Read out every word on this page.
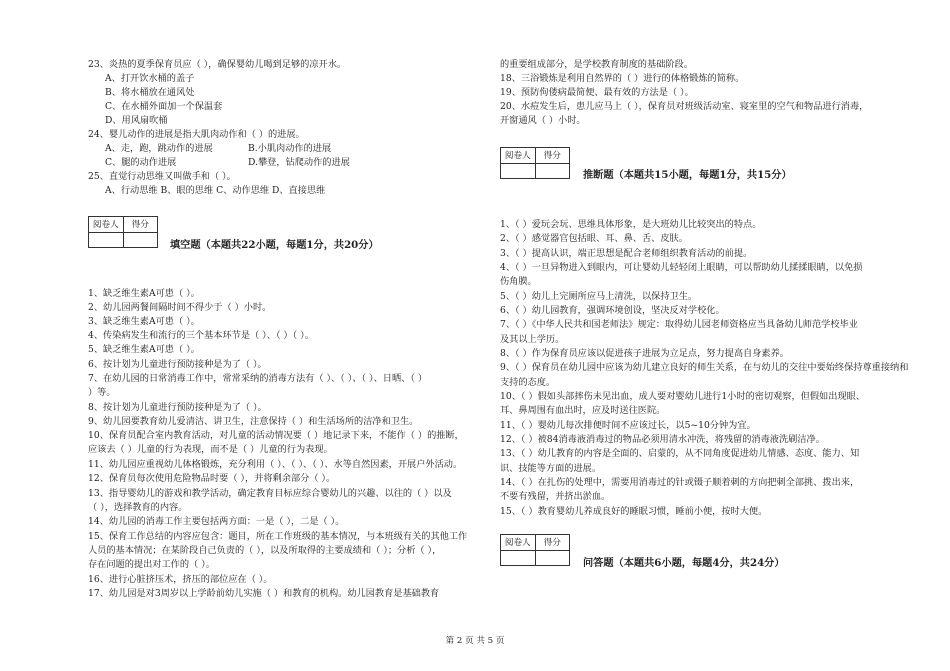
23、炎热的夏季保育员应（ ），确保婴幼儿喝到足够的凉开水。
A、打开饮水桶的盖子
B、将水桶放在通风处
C、在水桶外面加一个保温套
D、用风扇吹桶
24、婴儿动作的进展是指大肌肉动作和（ ）的进展。
A、走，跑，跳动作的进展	B.小肌肉动作的进展
C、腿的动作进展	D.攀登，钻爬动作的进展
25、直觉行动思维又叫做手和（ ）。
A、行动思维 B、眼的思维 C、动作思维 D、直接思维
阅卷人	得分

填空题（本题共22小题，每题1分，共20分）
1、缺乏维生素A可患（ ）。
2、幼儿园两餐间隔时间不得少于（ ）小时。
3、缺乏维生素A可患（ ）。
4、传染病发生和流行的三个基本环节是（ ）、（ ）（ ）。
5、缺乏维生素A可患（ ）。
6、按计划为儿童进行预防接种是为了（ ）。
7、在幼儿园的日常消毒工作中，常常采纳的消毒方法有（ ）、（ ）、（ ）、日晒、（ ）
）等。
8、按计划为儿童进行预防接种是为了（ ）。
9、幼儿园要教育幼儿爱清洁、讲卫生，注意保持（ ）和生活场所的洁净和卫生。
10、保育员配合室内教育活动，对儿童的活动情况要（ ）地记录下来，不能作（ ）的推断，
应该去（ ）儿童的行为表现，而不是（ ）儿童的行为表现。
11、幼儿园应重视幼儿体格锻炼，充分利用（ ）、（ ）、（ ）、水等自然因素，开展户外活动。
12、保育员每次使用危险物品时要（ ），并将剩余部分（ ）。
13、指导婴幼儿的游戏和教学活动，确定教育目标应综合婴幼儿的兴趣、以往的（ ）以及
（ ），选择教育的内容。
14、幼儿园的消毒工作主要包括两方面：一是（ ），二是（ ）。
15、保育工作总结的内容应包含：题目，所在工作班级的基本情况，与本班级有关的其他工作
人员的基本情况；在某阶段自己负责的（ ），以及所取得的主要成绩和（ ）；分析（ ），
存在问题的提出对工作的（ ）。
16、进行心脏挤压术，挤压的部位应在（ ）。
17、幼儿园是对3周岁以上学龄前幼儿实施（ ）和教育的机构。幼儿园教育是基础教育
的重要组成部分，是学校教育制度的基础阶段。
18、三浴锻炼是利用自然界的（ ）进行的体格锻炼的简称。
19、预防佝偻病最简便、最有效的方法是（ ）。
20、水痘发生后，患儿应马上（ ），保育员对班级活动室、寝室里的空气和物品进行消毒，
开窗通风（ ）小时。
阅卷人	得分

推断题（本题共15小题，每题1分，共15分）
1、（ ）爱玩会玩、思维具体形象，是大班幼儿比较突出的特点。
2、（ ）感觉器官包括眼、耳、鼻、舌、皮肤。
3、（ ）提高认识，端正思想是配合老师组织教育活动的前提。
4、（ ）一旦异物进入到眼内，可让婴幼儿轻轻闭上眼睛，可以帮助幼儿揉揉眼睛，以免损
伤角膜。
5、（ ）幼儿上完厕所应马上清洗，以保持卫生。
6、（ ）幼儿园教育，强调环境创设，坚决反对学校化。
7、（ ）《中华人民共和国老师法》规定：取得幼儿园老师资格应当具备幼儿师范学校毕业
及其以上学历。
8、（ ）作为保育员应该以促进孩子进展为立足点，努力提高自身素养。
9、（ ）保育员在幼儿园中应该为幼儿建立良好的师生关系，在与幼儿的交往中要始终保持尊重接纳和
支持的态度。
10、（ ）假如头部摔伤未见出血，成人要对婴幼儿进行1小时的密切观察，但假如出现眼、
耳、鼻周围有血出时，应及时送往医院。
11、（ ）婴幼儿每次排便时间不应该过长，以5~10分钟为宜。
12、（ ）被84消毒液消毒过的物品必须用清水冲洗，将残留的消毒液洗刷洁净。
13、（ ）幼儿教育的内容是全面的、启蒙的，从不同角度促进幼儿情感、态度、能力、知
识、技能等方面的进展。
14、（ ）在扎伤的处理中，需要用消毒过的针或镊子顺着刺的方向把刺全部挑、拨出来，
不要有残留，并挤出淤血。
15、（ ）教育婴幼儿养成良好的睡眠习惯，睡前小便，按时大便。
阅卷人	得分

问答题（本题共6小题，每题4分，共24分）
第 2 页 共 5 页
